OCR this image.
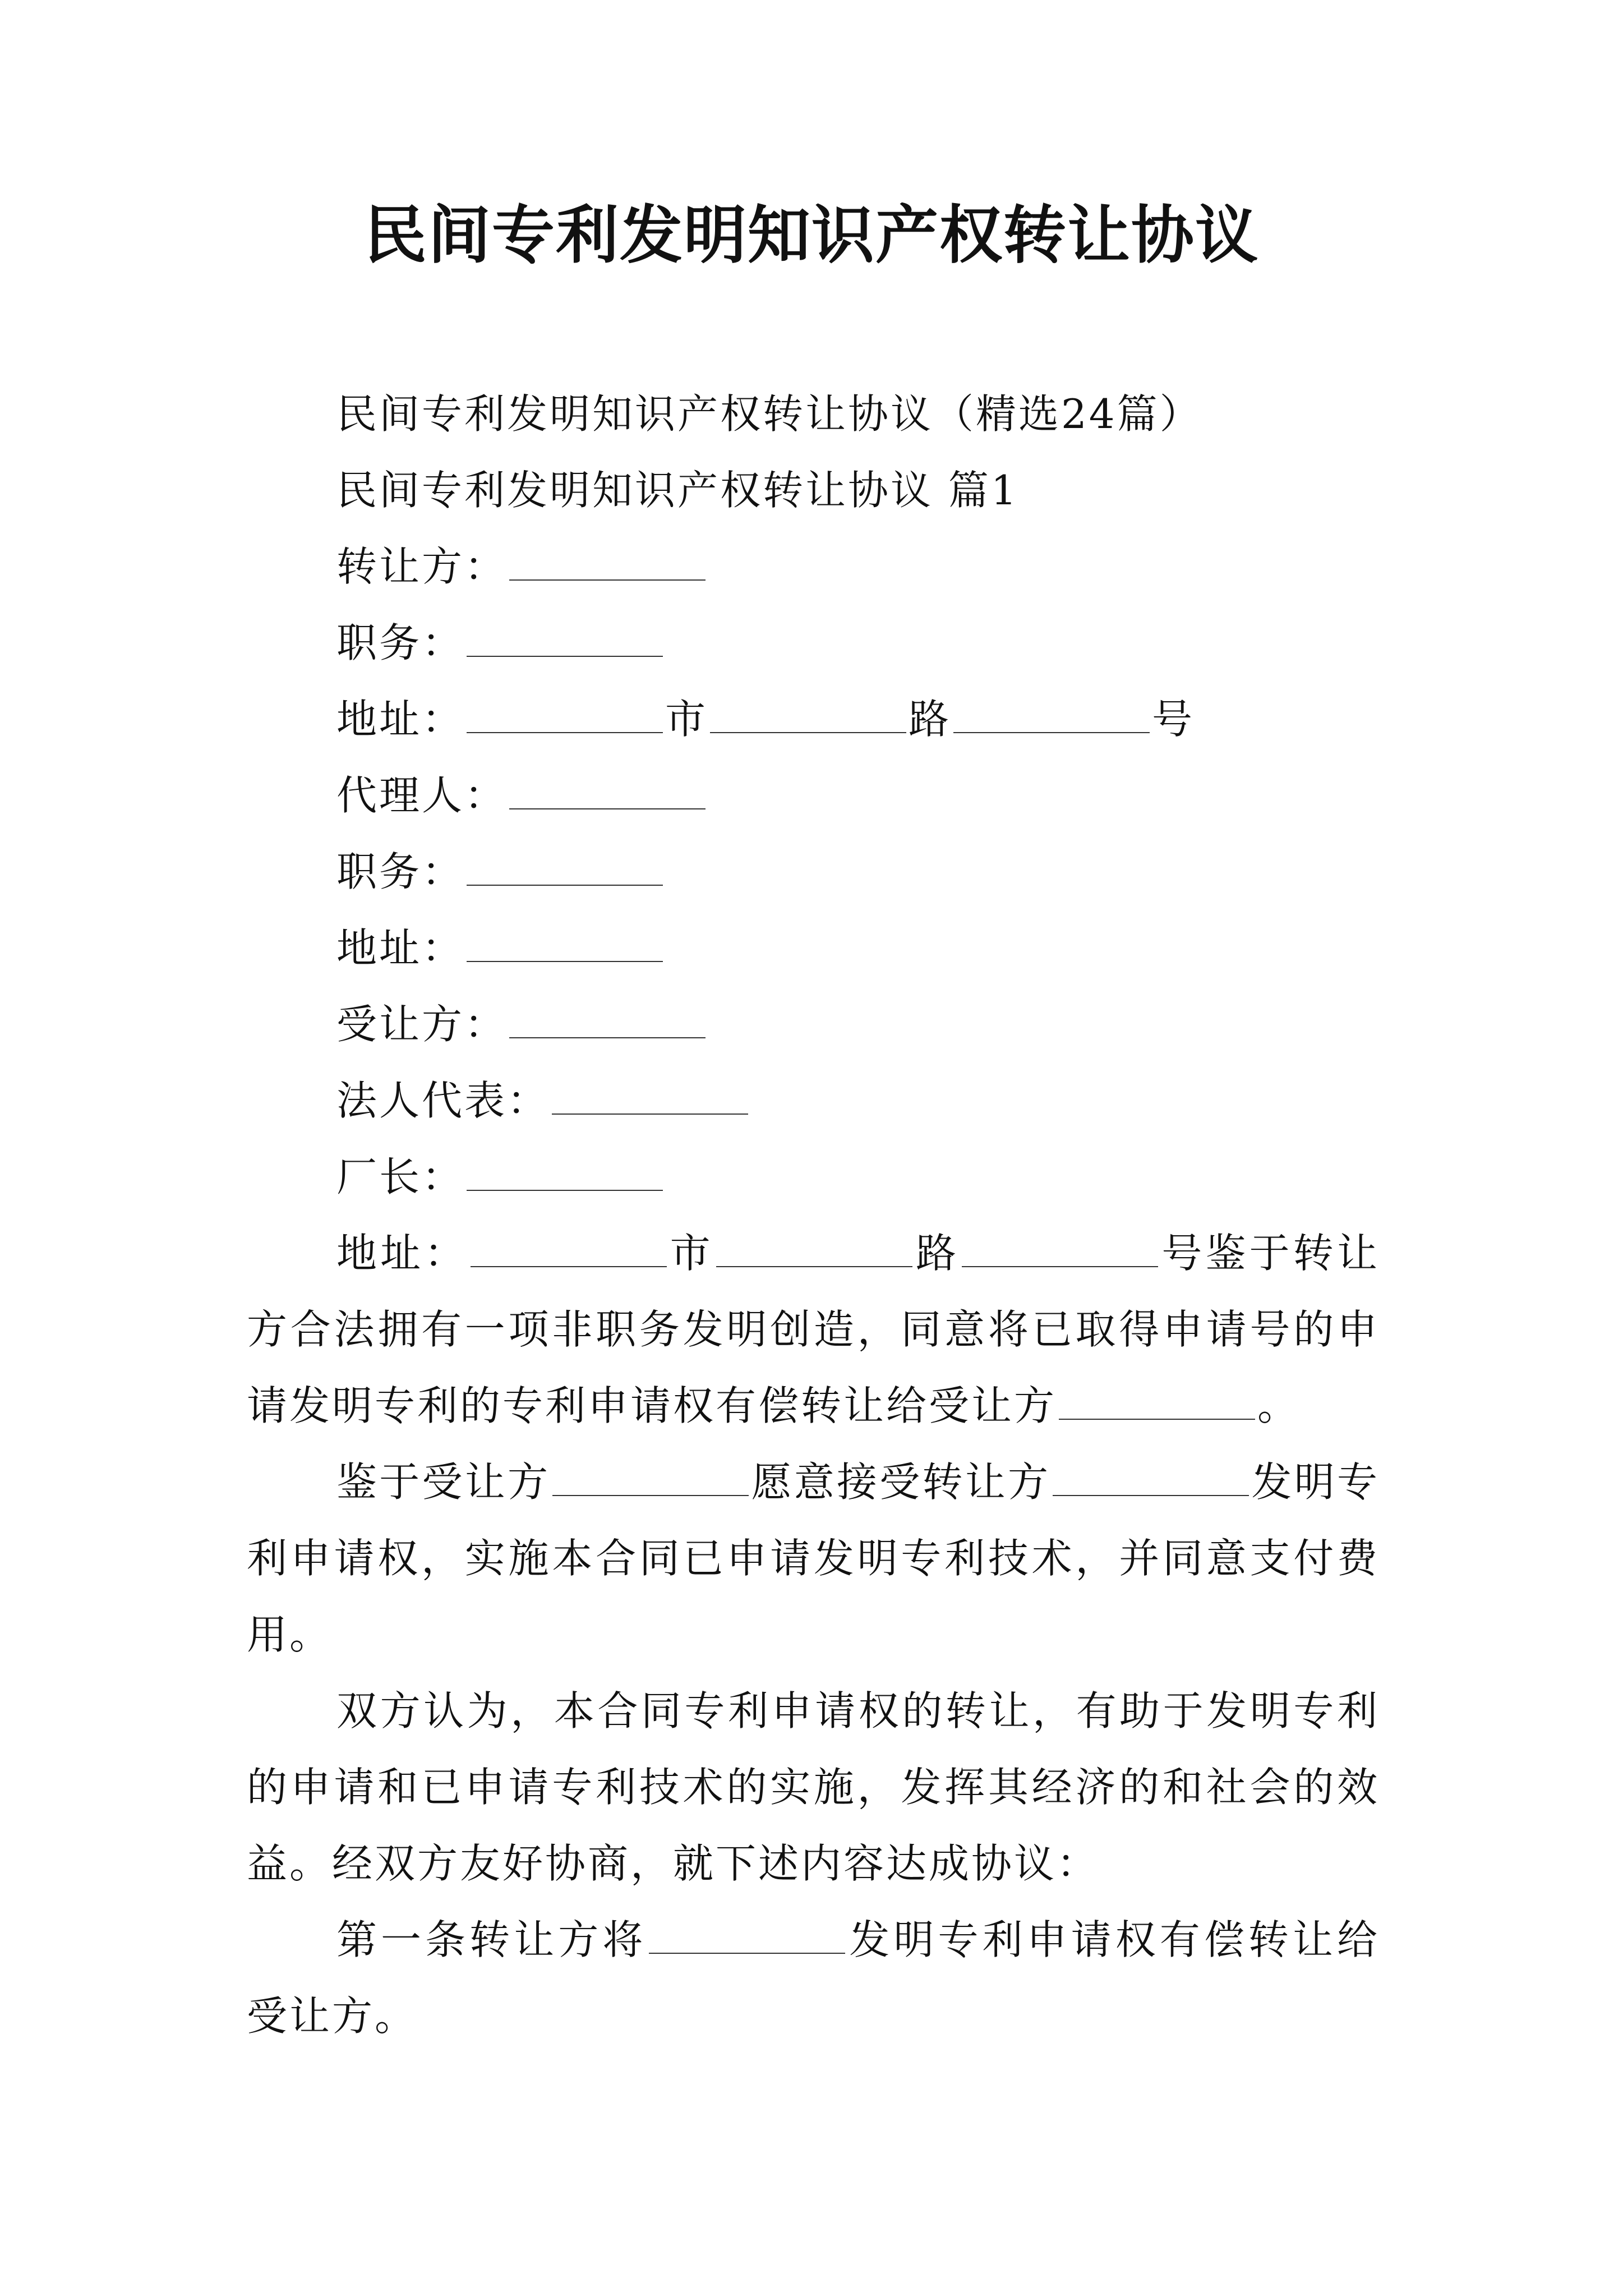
民间专利发明知识产权转让协议

民间专利发明知识产权转让协议（精选24篇）

民间专利发明知识产权转让协议 篇1

转让方：

职务：

地址：	市	路	号

代理人：

职务：

地址：

受让方：

法人代表：

厂长：

地址：	市	路	号鉴于转让方合法拥有一项非职务发明创造，同意将已取得申请号的申请发明专利的专利申请权有偿转让给受让方	。

鉴于受让方	愿意接受转让方	发明专利申请权，实施本合同已申请发明专利技术，并同意支付费用。

双方认为，本合同专利申请权的转让，有助于发明专利的申请和已申请专利技术的实施，发挥其经济的和社会的效益。经双方友好协商，就下述内容达成协议：

第一条转让方将	发明专利申请权有偿转让给受让方。
